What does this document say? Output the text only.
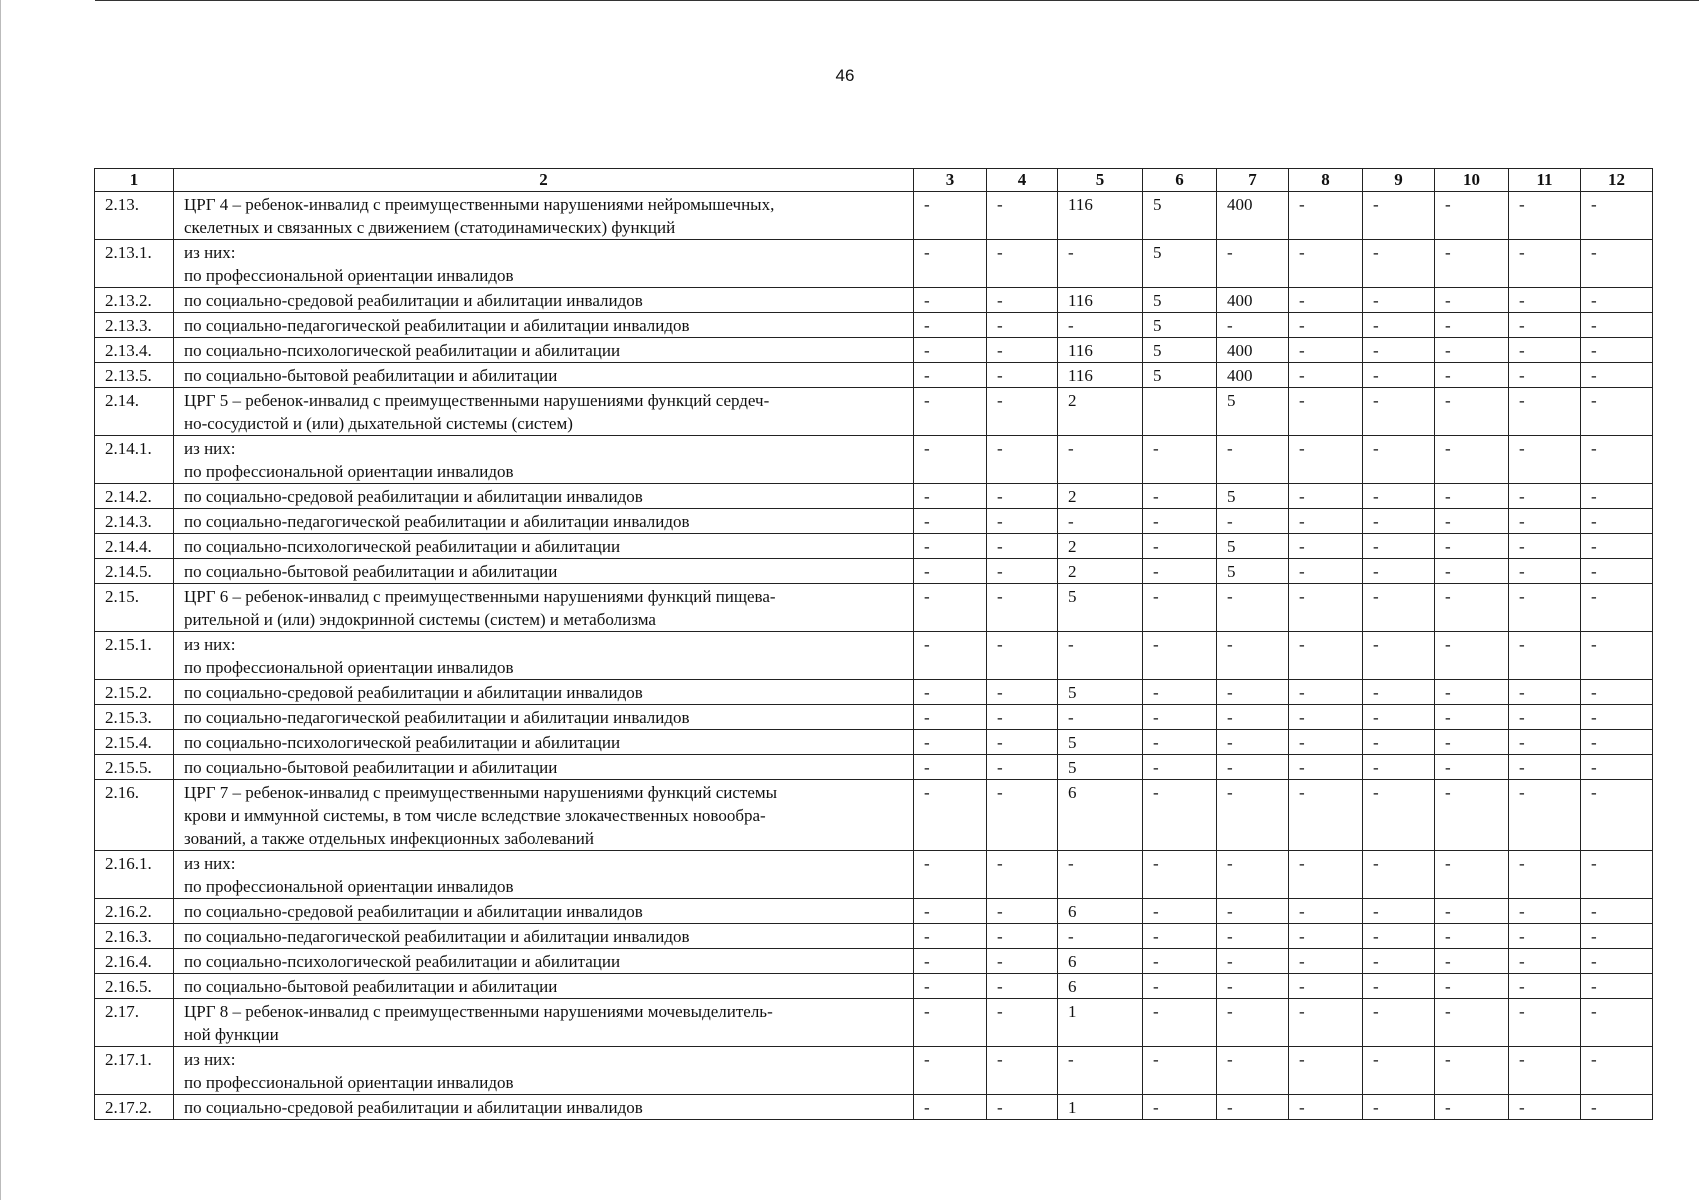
46
1	2	3	4	5	6	7	8	9	10	11	12
2.13.	ЦРГ 4 – ребенок-инвалид с преимущественными нарушениями нейромышечных,
скелетных и связанных с движением (статодинамических) функций	-	-	116	5	400	-	-	-	-	-
2.13.1.	из них:
по профессиональной ориентации инвалидов	-	-	-	5	-	-	-	-	-	-
2.13.2.	по социально-средовой реабилитации и абилитации инвалидов	-	-	116	5	400	-	-	-	-	-
2.13.3.	по социально-педагогической реабилитации и абилитации инвалидов	-	-	-	5	-	-	-	-	-	-
2.13.4.	по социально-психологической реабилитации и абилитации	-	-	116	5	400	-	-	-	-	-
2.13.5.	по социально-бытовой реабилитации и абилитации	-	-	116	5	400	-	-	-	-	-
2.14.	ЦРГ 5 – ребенок-инвалид с преимущественными нарушениями функций сердеч-
но-сосудистой и (или) дыхательной системы (систем)	-	-	2		5	-	-	-	-	-
2.14.1.	из них:
по профессиональной ориентации инвалидов	-	-	-	-	-	-	-	-	-	-
2.14.2.	по социально-средовой реабилитации и абилитации инвалидов	-	-	2	-	5	-	-	-	-	-
2.14.3.	по социально-педагогической реабилитации и абилитации инвалидов	-	-	-	-	-	-	-	-	-	-
2.14.4.	по социально-психологической реабилитации и абилитации	-	-	2	-	5	-	-	-	-	-
2.14.5.	по социально-бытовой реабилитации и абилитации	-	-	2	-	5	-	-	-	-	-
2.15.	ЦРГ 6 – ребенок-инвалид с преимущественными нарушениями функций пищева-
рительной и (или) эндокринной системы (систем) и метаболизма	-	-	5	-	-	-	-	-	-	-
2.15.1.	из них:
по профессиональной ориентации инвалидов	-	-	-	-	-	-	-	-	-	-
2.15.2.	по социально-средовой реабилитации и абилитации инвалидов	-	-	5	-	-	-	-	-	-	-
2.15.3.	по социально-педагогической реабилитации и абилитации инвалидов	-	-	-	-	-	-	-	-	-	-
2.15.4.	по социально-психологической реабилитации и абилитации	-	-	5	-	-	-	-	-	-	-
2.15.5.	по социально-бытовой реабилитации и абилитации	-	-	5	-	-	-	-	-	-	-
2.16.	ЦРГ 7 – ребенок-инвалид с преимущественными нарушениями функций системы
крови и иммунной системы, в том числе вследствие злокачественных новообра-
зований, а также отдельных инфекционных заболеваний	-	-	6	-	-	-	-	-	-	-
2.16.1.	из них:
по профессиональной ориентации инвалидов	-	-	-	-	-	-	-	-	-	-
2.16.2.	по социально-средовой реабилитации и абилитации инвалидов	-	-	6	-	-	-	-	-	-	-
2.16.3.	по социально-педагогической реабилитации и абилитации инвалидов	-	-	-	-	-	-	-	-	-	-
2.16.4.	по социально-психологической реабилитации и абилитации	-	-	6	-	-	-	-	-	-	-
2.16.5.	по социально-бытовой реабилитации и абилитации	-	-	6	-	-	-	-	-	-	-
2.17.	ЦРГ 8 – ребенок-инвалид с преимущественными нарушениями мочевыделитель-
ной функции	-	-	1	-	-	-	-	-	-	-
2.17.1.	из них:
по профессиональной ориентации инвалидов	-	-	-	-	-	-	-	-	-	-
2.17.2.	по социально-средовой реабилитации и абилитации инвалидов	-	-	1	-	-	-	-	-	-	-
